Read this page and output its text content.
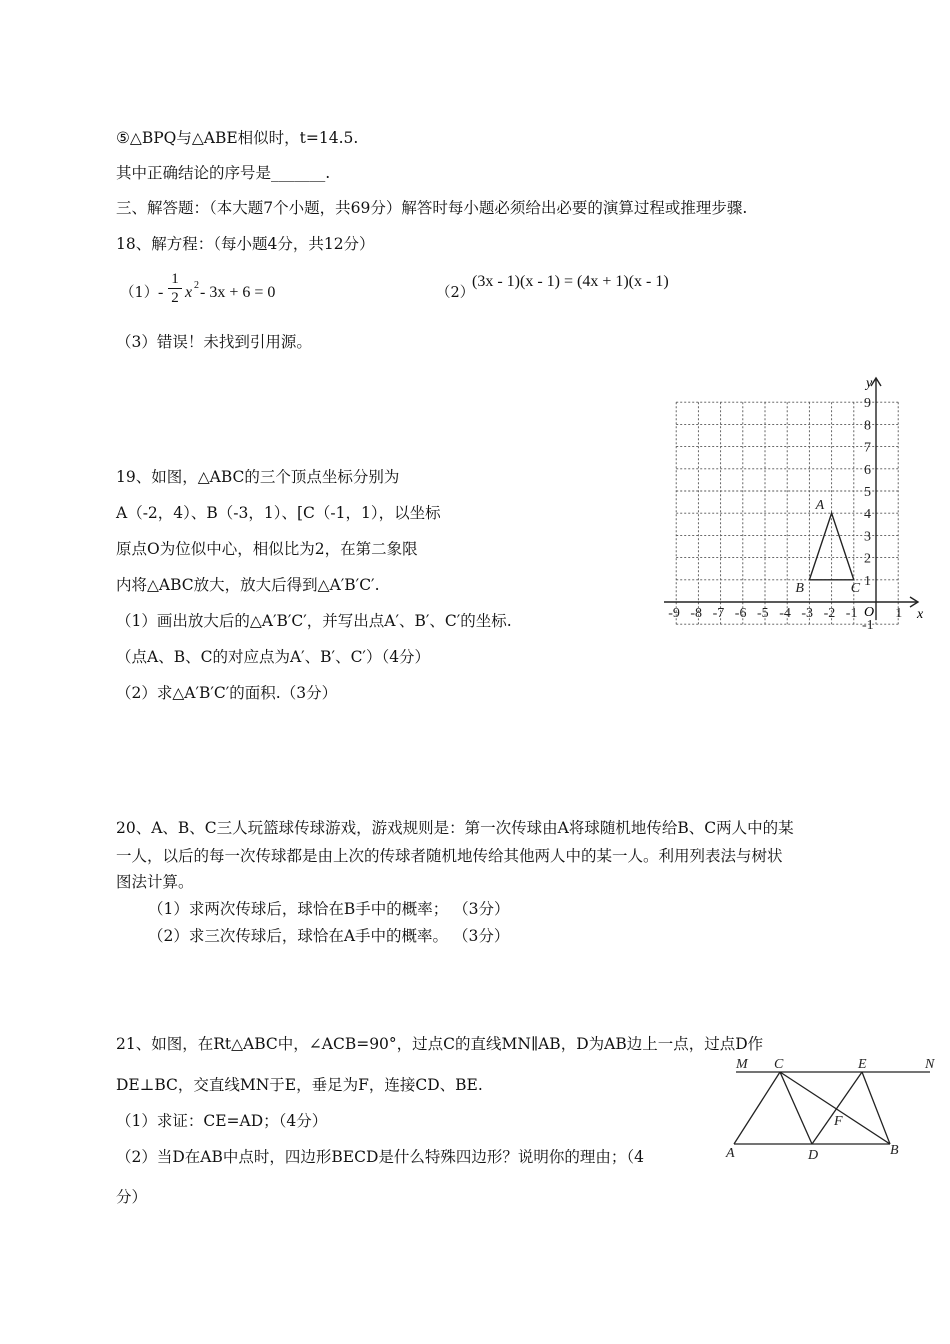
⑤△BPQ与△ABE相似时，t=14.5.
其中正确结论的序号是_______.
三、解答题：（本大题7个小题，共69分）解答时每小题必须给出必要的演算过程或推理步骤.
18、解方程：（每小题4分，共12分）
（1） -
1
2 x 2 - 3x + 6 = 0	（2）
(3x - 1)(x - 1) = (4x + 1)(x - 1)
（3）错误！未找到引用源。
19、如图，△ABC的三个顶点坐标分别为
A（-2，4）、B（-3，1）、[C（-1，1），以坐标
原点O为位似中心，相似比为2，在第二象限
内将△ABC放大，放大后得到△A′B′C′.
（1）画出放大后的△A′B′C′，并写出点A′、B′、C′的坐标.
（点A、B、C的对应点为A′、B′、C′）（4分）
（2）求△A′B′C′的面积.（3分）
-9 -8 -7 -6 -5 -4 -3 -2 -1	1
9
8
7
6
5
4
3
2
1
-1
x
y
O
A
B	C
20、A、B、C三人玩篮球传球游戏，游戏规则是：第一次传球由A将球随机地传给B、C两人中的某
一人，以后的每一次传球都是由上次的传球者随机地传给其他两人中的某一人。利用列表法与树状
图法计算。
（1）求两次传球后，球恰在B手中的概率； （3分）
（2）求三次传球后，球恰在A手中的概率。 （3分）
21、如图，在Rt△ABC中，∠ACB=90°，过点C的直线MN∥AB，D为AB边上一点，过点D作
DE⊥BC，交直线MN于E，垂足为F，连接CD、BE.
（1）求证：CE=AD；（4分）
（2）当D在AB中点时，四边形BECD是什么特殊四边形？说明你的理由；（4
分）
M C	E	N
F
A	D	B
